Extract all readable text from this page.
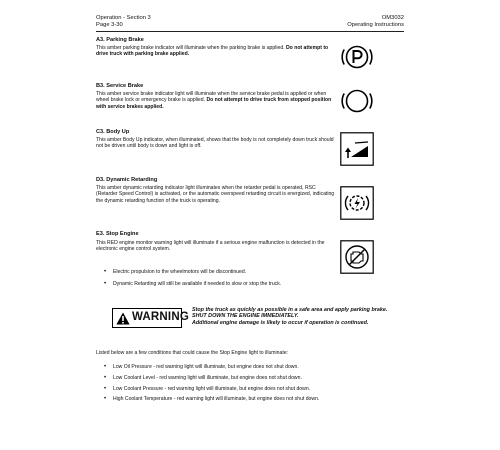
Operation - Section 3
Page 3-30
OM3032
Operating Instructions
A3. Parking Brake
This amber parking brake indicator will illuminate when the parking brake is applied. Do not attempt to drive truck with parking brake applied.
B3. Service Brake
This amber service brake indicator light will illuminate when the service brake pedal is applied or when wheel brake lock or emergency brake is applied. Do not attempt to drive truck from stopped position with service brakes applied.
C3. Body Up
This amber Body Up indicator, when illuminated, shows that the body is not completely down truck should not be driven until body is down and light is off.
D3. Dynamic Retarding
This amber dynamic retarding indicator light illuminates when the retarder pedal is operated, RSC (Retarder Speed Control) is activated, or the automatic overspeed retarding circuit is energized, indicating the dynamic retarding function of the truck is operating.
E3. Stop Engine
This RED engine monitor warning light will illuminate if a serious engine malfunction is detected in the electronic engine control system.
• Electric propulsion to the wheelmotors will be discontinued.
• Dynamic Retarding will still be available if needed to slow or stop the truck.
WARNING
Stop the truck as quickly as possible in a safe area and apply parking brake.
SHUT DOWN THE ENGINE IMMEDIATELY.
Additional engine damage is likely to occur if operation is continued.
Listed below are a few conditions that could cause the Stop Engine light to illuminate:
• Low Oil Pressure - red warning light will illuminate, but engine does not shut down.
• Low Coolant Level - red warning light will illuminate, but engine does not shut down.
• Low Coolant Pressure - red warning light will illuminate, but engine does not shut down.
• High Coolant Temperature - red warning light will illuminate, but engine does not shut down.
